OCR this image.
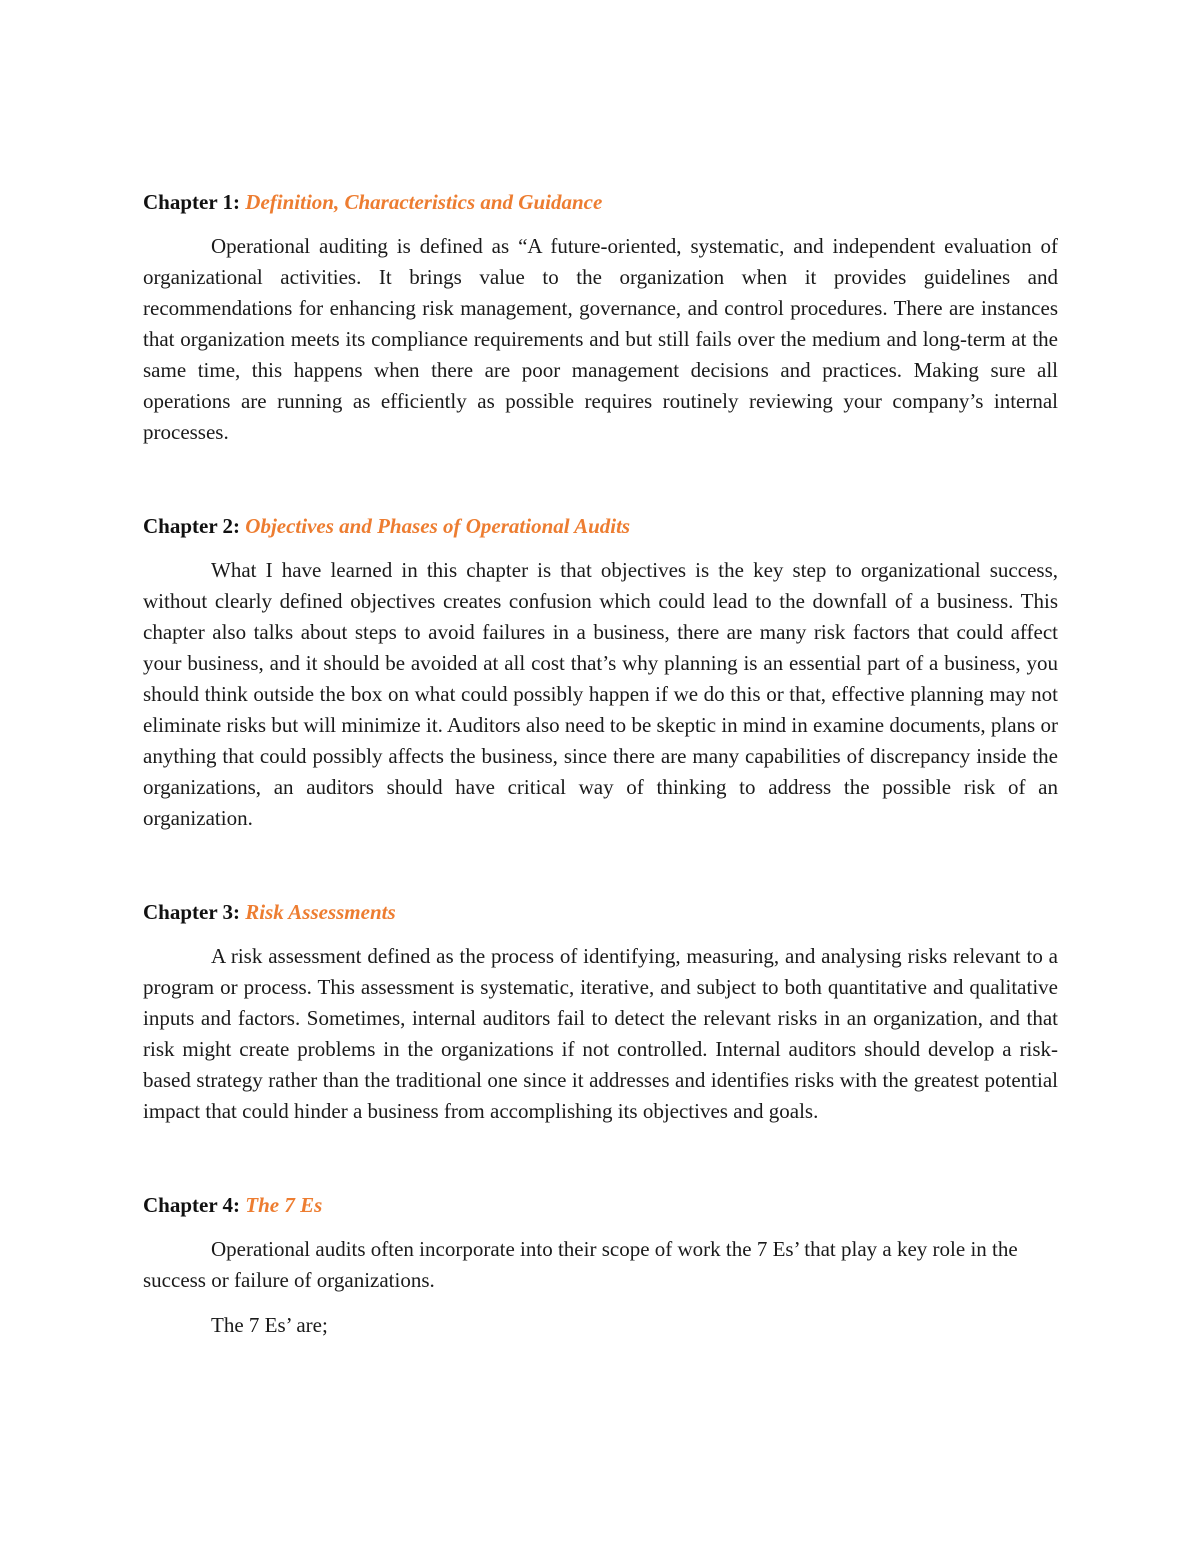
Chapter 1: Definition, Characteristics and Guidance

Operational auditing is defined as “A future-oriented, systematic, and independent evaluation of organizational activities. It brings value to the organization when it provides guidelines and recommendations for enhancing risk management, governance, and control procedures. There are instances that organization meets its compliance requirements and but still fails over the medium and long-term at the same time, this happens when there are poor management decisions and practices. Making sure all operations are running as efficiently as possible requires routinely reviewing your company’s internal processes.

Chapter 2: Objectives and Phases of Operational Audits

What I have learned in this chapter is that objectives is the key step to organizational success, without clearly defined objectives creates confusion which could lead to the downfall of a business. This chapter also talks about steps to avoid failures in a business, there are many risk factors that could affect your business, and it should be avoided at all cost that’s why planning is an essential part of a business, you should think outside the box on what could possibly happen if we do this or that, effective planning may not eliminate risks but will minimize it. Auditors also need to be skeptic in mind in examine documents, plans or anything that could possibly affects the business, since there are many capabilities of discrepancy inside the organizations, an auditors should have critical way of thinking to address the possible risk of an organization.

Chapter 3: Risk Assessments

A risk assessment defined as the process of identifying, measuring, and analysing risks relevant to a program or process. This assessment is systematic, iterative, and subject to both quantitative and qualitative inputs and factors. Sometimes, internal auditors fail to detect the relevant risks in an organization, and that risk might create problems in the organizations if not controlled. Internal auditors should develop a risk-based strategy rather than the traditional one since it addresses and identifies risks with the greatest potential impact that could hinder a business from accomplishing its objectives and goals.

Chapter 4: The 7 Es

Operational audits often incorporate into their scope of work the 7 Es’ that play a key role in the success or failure of organizations.

The 7 Es’ are;
